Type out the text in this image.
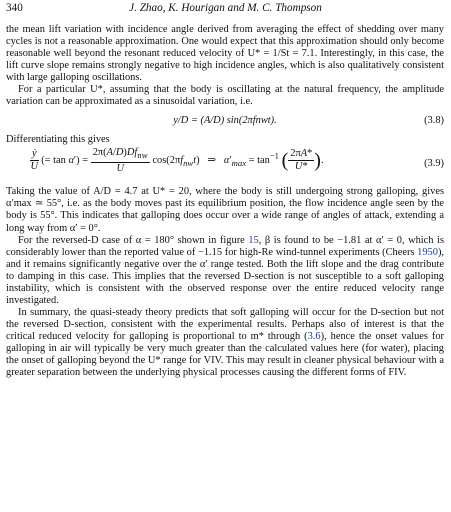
340	J. Zhao, K. Hourigan and M. C. Thompson

the mean lift variation with incidence angle derived from averaging the effect of shedding over many cycles is not a reasonable approximation. One would expect that this approximation should only become reasonable well beyond the resonant reduced velocity of U* = 1/St = 7.1. Interestingly, in this case, the lift curve slope remains strongly negative to high incidence angles, which is also qualitatively consistent with large galloping oscillations.

For a particular U*, assuming that the body is oscillating at the natural frequency, the amplitude variation can be approximated as a sinusoidal variation, i.e.

y/D = (A/D) sin(2πfnwt).	(3.8)

Differentiating this gives

$\frac{\text{ẏ}}{U}$ (= $\tan \alpha') = \frac{2\pi(A/D)Df_{nw}}{U} \cos(2\pi f_{nw}t)$   ⇒   $\alpha'_{max} = \tan^{-1}$ ( $\frac{2\pi A*}{U*}$ ).	(3.9)

Taking the value of A/D = 4.7 at U* = 20, where the body is still undergoing strong galloping, gives α′max ≃ 55°, i.e. as the body moves past its equilibrium position, the flow incidence angle seen by the body is 55°. This indicates that galloping does occur over a wide range of angles of attack, extending a long way from α′ = 0°.

For the reversed-D case of α = 180° shown in figure 15, β is found to be −1.81 at α′ = 0, which is considerably lower than the reported value of −1.15 for high-Re wind-tunnel experiments (Cheers 1950), and it remains significantly negative over the α′ range tested. Both the lift slope and the drag contribute to damping in this case. This implies that the reversed D-section is not susceptible to a soft galloping instability, which is consistent with the observed response over the entire reduced velocity range investigated.

In summary, the quasi-steady theory predicts that soft galloping will occur for the D-section but not the reversed D-section, consistent with the experimental results. Perhaps also of interest is that the critical reduced velocity for galloping is proportional to m* through (3.6), hence the onset values for galloping in air will typically be very much greater than the calculated values here (for water), placing the onset of galloping beyond the U* range for VIV. This may result in cleaner physical behaviour with a greater separation between the underlying physical processes causing the different forms of FIV.
